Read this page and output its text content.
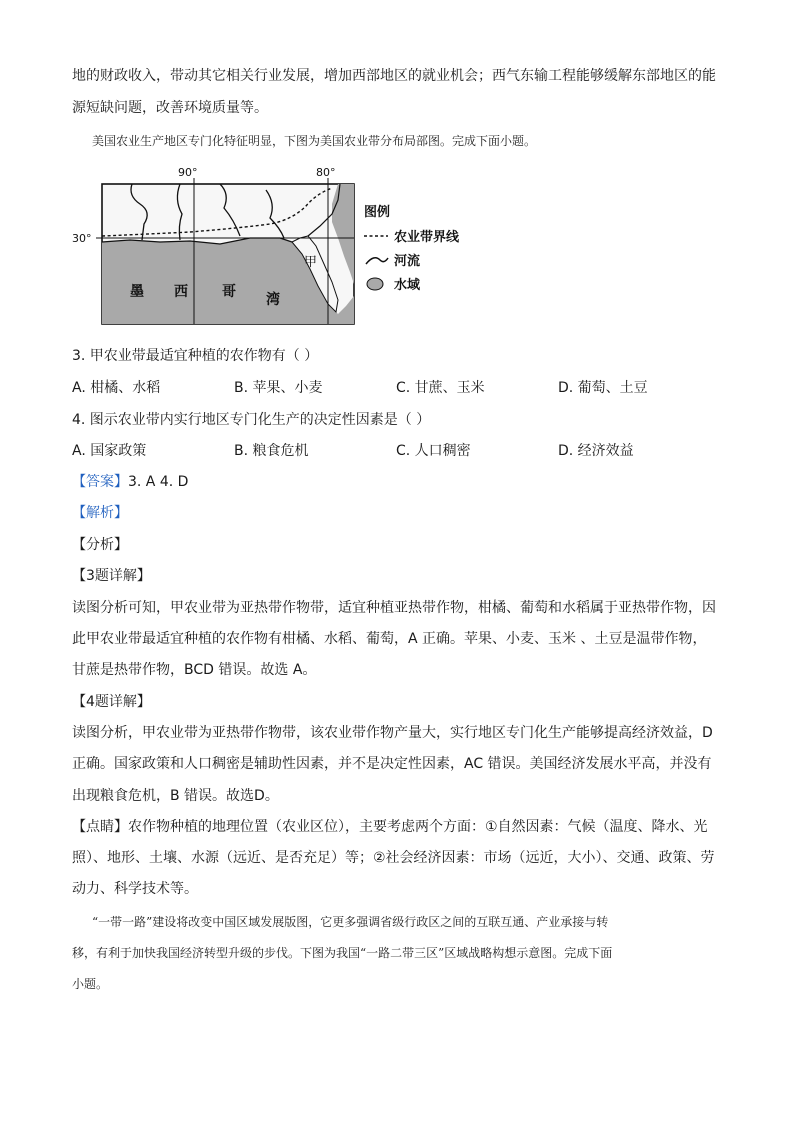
地的财政收入，带动其它相关行业发展，增加西部地区的就业机会；西气东输工程能够缓解东部地区的能
源短缺问题，改善环境质量等。
美国农业生产地区专门化特征明显，下图为美国农业带分布局部图。完成下面小题。
90°	80°
30°
甲
墨 西 哥 湾
图例
农业带界线
河流
水域
3. 甲农业带最适宜种植的农作物有（ ）
A. 柑橘、水稻	B. 苹果、小麦	C. 甘蔗、玉米	D. 葡萄、土豆
4. 图示农业带内实行地区专门化生产的决定性因素是（ ）
A. 国家政策	B. 粮食危机	C. 人口稠密	D. 经济效益
【答案】3. A 4. D
【解析】
【分析】
【3题详解】
读图分析可知，甲农业带为亚热带作物带，适宜种植亚热带作物，柑橘、葡萄和水稻属于亚热带作物，因
此甲农业带最适宜种植的农作物有柑橘、水稻、葡萄，A 正确。苹果、小麦、玉米 、土豆是温带作物，
甘蔗是热带作物，BCD 错误。故选 A。
【4题详解】
读图分析，甲农业带为亚热带作物带，该农业带作物产量大，实行地区专门化生产能够提高经济效益，D
正确。国家政策和人口稠密是辅助性因素，并不是决定性因素，AC 错误。美国经济发展水平高，并没有
出现粮食危机，B 错误。故选D。
【点睛】农作物种植的地理位置（农业区位），主要考虑两个方面：①自然因素：气候（温度、降水、光
照）、地形、土壤、水源（远近、是否充足）等；②社会经济因素：市场（远近，大小）、交通、政策、劳
动力、科学技术等。
“一带一路”建设将改变中国区域发展版图，它更多强调省级行政区之间的互联互通、产业承接与转
移，有利于加快我国经济转型升级的步伐。下图为我国“一路二带三区”区域战略构想示意图。完成下面
小题。
